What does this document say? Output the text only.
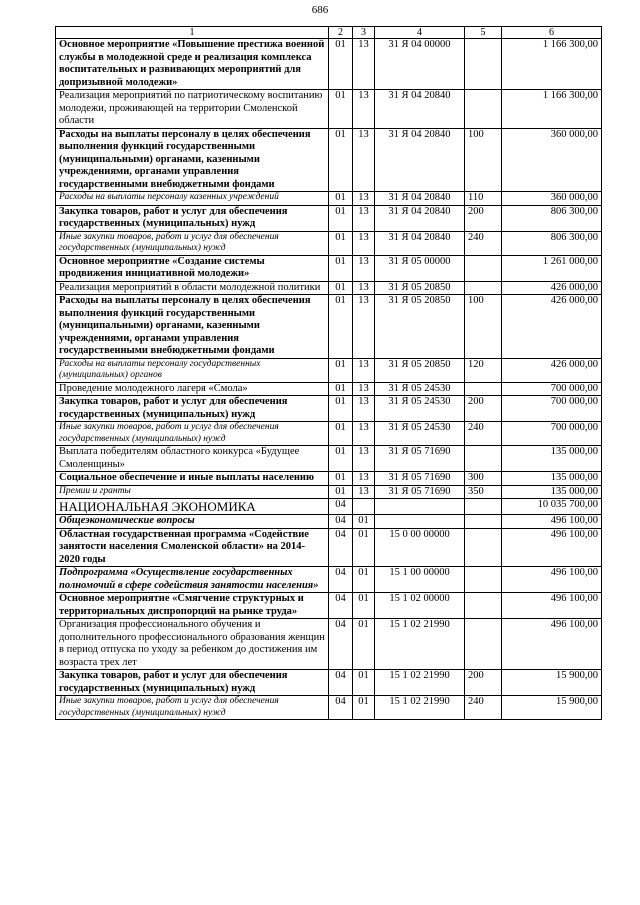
686
1	2	3	4	5	6
Основное мероприятие «Повышение престижа военной службы в молодежной среде и реализация комплекса воспитательных и развивающих мероприятий для допризывной молодежи»	01	13	31 Я 04 00000		1 166 300,00
Реализация мероприятий по патриотическому воспитанию молодежи, проживающей на территории Смоленской области	01	13	31 Я 04 20840		1 166 300,00
Расходы на выплаты персоналу в целях обеспечения выполнения функций государственными (муниципальными) органами, казенными учреждениями, органами управления государственными внебюджетными фондами	01	13	31 Я 04 20840	100	360 000,00
Расходы на выплаты персоналу казенных учреждений	01	13	31 Я 04 20840	110	360 000,00
Закупка товаров, работ и услуг для обеспечения государственных (муниципальных) нужд	01	13	31 Я 04 20840	200	806 300,00
Иные закупки товаров, работ и услуг для обеспечения государственных (муниципальных) нужд	01	13	31 Я 04 20840	240	806 300,00
Основное мероприятие «Создание системы продвижения инициативной молодежи»	01	13	31 Я 05 00000		1 261 000,00
Реализация мероприятий в области молодежной политики	01	13	31 Я 05 20850		426 000,00
Расходы на выплаты персоналу в целях обеспечения выполнения функций государственными (муниципальными) органами, казенными учреждениями, органами управления государственными внебюджетными фондами	01	13	31 Я 05 20850	100	426 000,00
Расходы на выплаты персоналу государственных (муниципальных) органов	01	13	31 Я 05 20850	120	426 000,00
Проведение молодежного лагеря «Смола»	01	13	31 Я 05 24530		700 000,00
Закупка товаров, работ и услуг для обеспечения государственных (муниципальных) нужд	01	13	31 Я 05 24530	200	700 000,00
Иные закупки товаров, работ и услуг для обеспечения государственных (муниципальных) нужд	01	13	31 Я 05 24530	240	700 000,00
Выплата победителям областного конкурса «Будущее Смоленщины»	01	13	31 Я 05 71690		135 000,00
Социальное обеспечение и иные выплаты населению	01	13	31 Я 05 71690	300	135 000,00
Премии и гранты	01	13	31 Я 05 71690	350	135 000,00
НАЦИОНАЛЬНАЯ ЭКОНОМИКА	04				10 035 700,00
Общеэкономические вопросы	04	01			496 100,00
Областная государственная программа «Содействие занятости населения Смоленской области» на 2014-2020 годы	04	01	15 0 00 00000		496 100,00
Подпрограмма «Осуществление государственных полномочий в сфере содействия занятости населения»	04	01	15 1 00 00000		496 100,00
Основное мероприятие «Смягчение структурных и территориальных диспропорций на рынке труда»	04	01	15 1 02 00000		496 100,00
Организация профессионального обучения и дополнительного профессионального образования женщин в период отпуска по уходу за ребенком до достижения им возраста трех лет	04	01	15 1 02 21990		496 100,00
Закупка товаров, работ и услуг для обеспечения государственных (муниципальных) нужд	04	01	15 1 02 21990	200	15 900,00
Иные закупки товаров, работ и услуг для обеспечения государственных (муниципальных) нужд	04	01	15 1 02 21990	240	15 900,00
